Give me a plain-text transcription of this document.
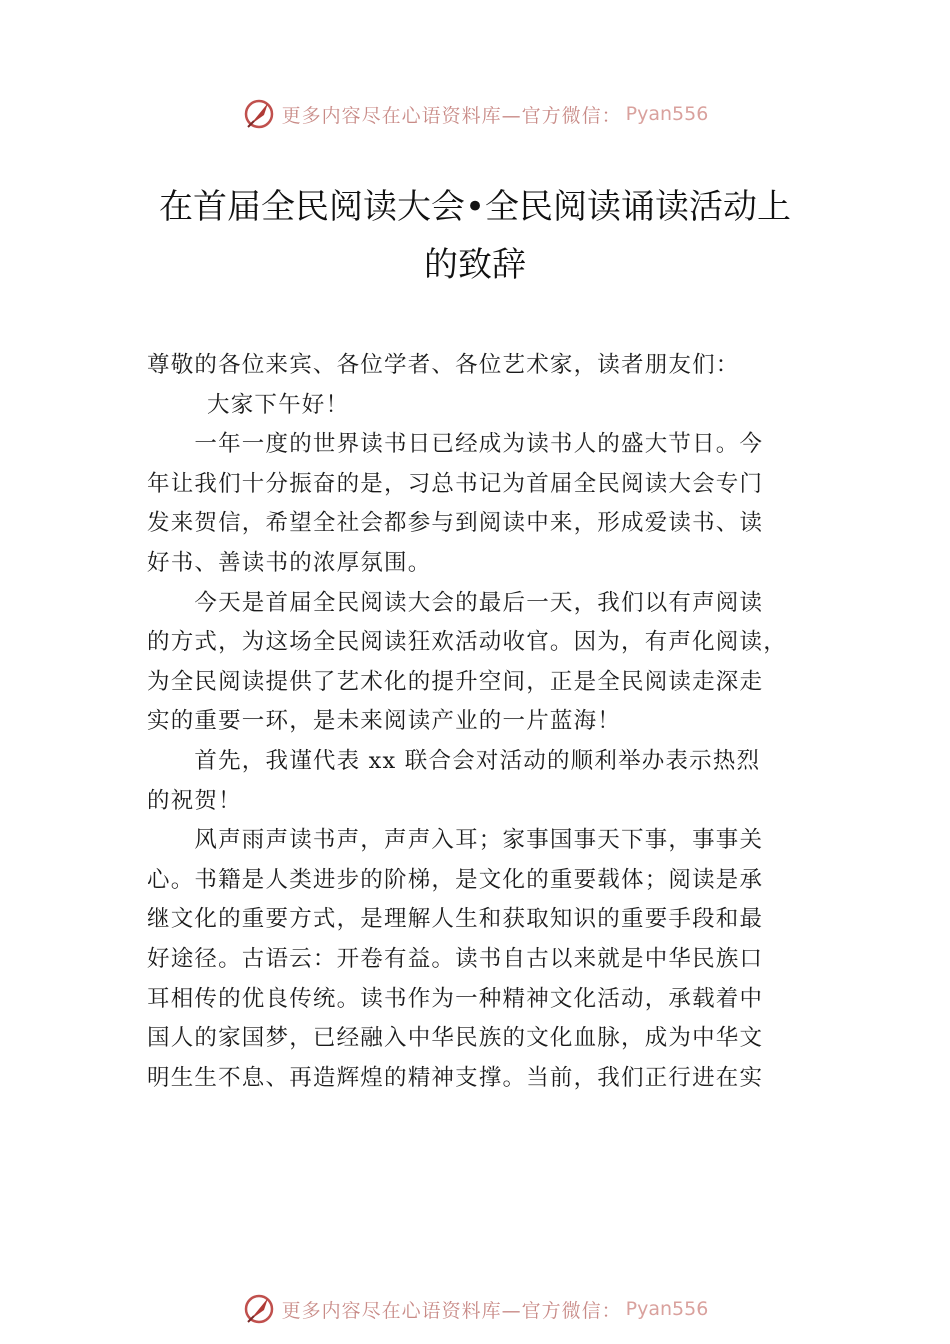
更多内容尽在心语资料库—官方微信： Pyan556
在首届全民阅读大会•全民阅读诵读活动上
的致辞

尊敬的各位来宾、各位学者、各位艺术家，读者朋友们：

大家下午好！

　　一年一度的世界读书日已经成为读书人的盛大节日。今
年让我们十分振奋的是，习总书记为首届全民阅读大会专门
发来贺信，希望全社会都参与到阅读中来，形成爱读书、读
好书、善读书的浓厚氛围。

　　今天是首届全民阅读大会的最后一天，我们以有声阅读
的方式，为这场全民阅读狂欢活动收官。因为，有声化阅读，
为全民阅读提供了艺术化的提升空间，正是全民阅读走深走
实的重要一环，是未来阅读产业的一片蓝海！

　　首先，我谨代表 xx 联合会对活动的顺利举办表示热烈
的祝贺！

　　风声雨声读书声，声声入耳；家事国事天下事，事事关
心。书籍是人类进步的阶梯，是文化的重要载体；阅读是承
继文化的重要方式，是理解人生和获取知识的重要手段和最
好途径。古语云：开卷有益。读书自古以来就是中华民族口
耳相传的优良传统。读书作为一种精神文化活动，承载着中
国人的家国梦，已经融入中华民族的文化血脉，成为中华文
明生生不息、再造辉煌的精神支撑。当前，我们正行进在实

更多内容尽在心语资料库—官方微信： Pyan556
